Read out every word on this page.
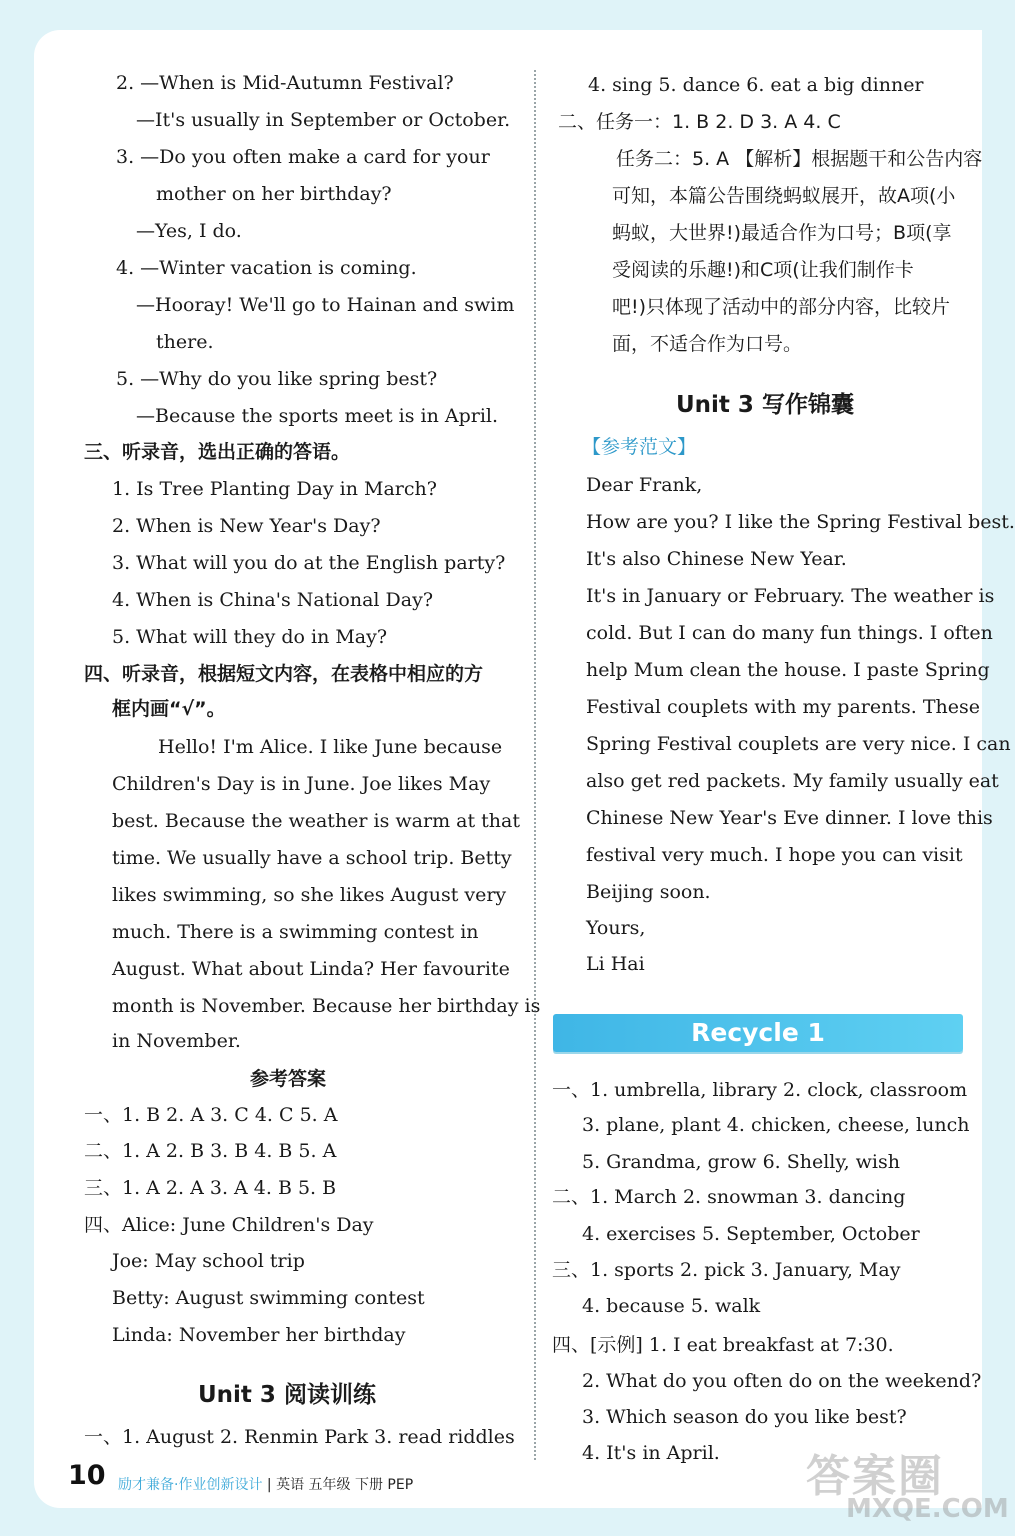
2. —When is Mid-Autumn Festival?
—It's usually in September or October.
3. —Do you often make a card for your
mother on her birthday?
—Yes, I do.
4. —Winter vacation is coming.
—Hooray! We'll go to Hainan and swim
there.
5. —Why do you like spring best?
—Because the sports meet is in April.
三、听录音，选出正确的答语。
1. Is Tree Planting Day in March?
2. When is New Year's Day?
3. What will you do at the English party?
4. When is China's National Day?
5. What will they do in May?
四、听录音，根据短文内容，在表格中相应的方
框内画“√”。
Hello! I'm Alice. I like June because
Children's Day is in June. Joe likes May
best. Because the weather is warm at that
time. We usually have a school trip. Betty
likes swimming, so she likes August very
much. There is a swimming contest in
August. What about Linda? Her favourite
month is November. Because her birthday is
in November.
参考答案
一、1. B 2. A 3. C 4. C 5. A
二、1. A 2. B 3. B 4. B 5. A
三、1. A 2. A 3. A 4. B 5. B
四、Alice: June Children's Day
Joe: May school trip
Betty: August swimming contest
Linda: November her birthday
Unit 3 阅读训练
一、1. August 2. Renmin Park 3. read riddles
4. sing 5. dance 6. eat a big dinner
二、任务一：1. B 2. D 3. A 4. C
任务二：5. A 【解析】根据题干和公告内容
可知，本篇公告围绕蚂蚁展开，故A项(小
蚂蚁，大世界!)最适合作为口号；B项(享
受阅读的乐趣!)和C项(让我们制作卡
吧!)只体现了活动中的部分内容，比较片
面，不适合作为口号。
Unit 3 写作锦囊
【参考范文】
Dear Frank,
How are you? I like the Spring Festival best.
It's also Chinese New Year.
It's in January or February. The weather is
cold. But I can do many fun things. I often
help Mum clean the house. I paste Spring
Festival couplets with my parents. These
Spring Festival couplets are very nice. I can
also get red packets. My family usually eat
Chinese New Year's Eve dinner. I love this
festival very much. I hope you can visit
Beijing soon.
Yours,
Li Hai
一、1. umbrella, library 2. clock, classroom
3. plane, plant 4. chicken, cheese, lunch
5. Grandma, grow 6. Shelly, wish
二、1. March 2. snowman 3. dancing
4. exercises 5. September, October
三、1. sports 2. pick 3. January, May
4. because 5. walk
四、[示例] 1. I eat breakfast at 7:30.
2. What do you often do on the weekend?
3. Which season do you like best?
4. It's in April.
Recycle 1
10 励才兼备·作业创新设计 | 英语 五年级 下册 PEP	答案圈
MXQE.COM
